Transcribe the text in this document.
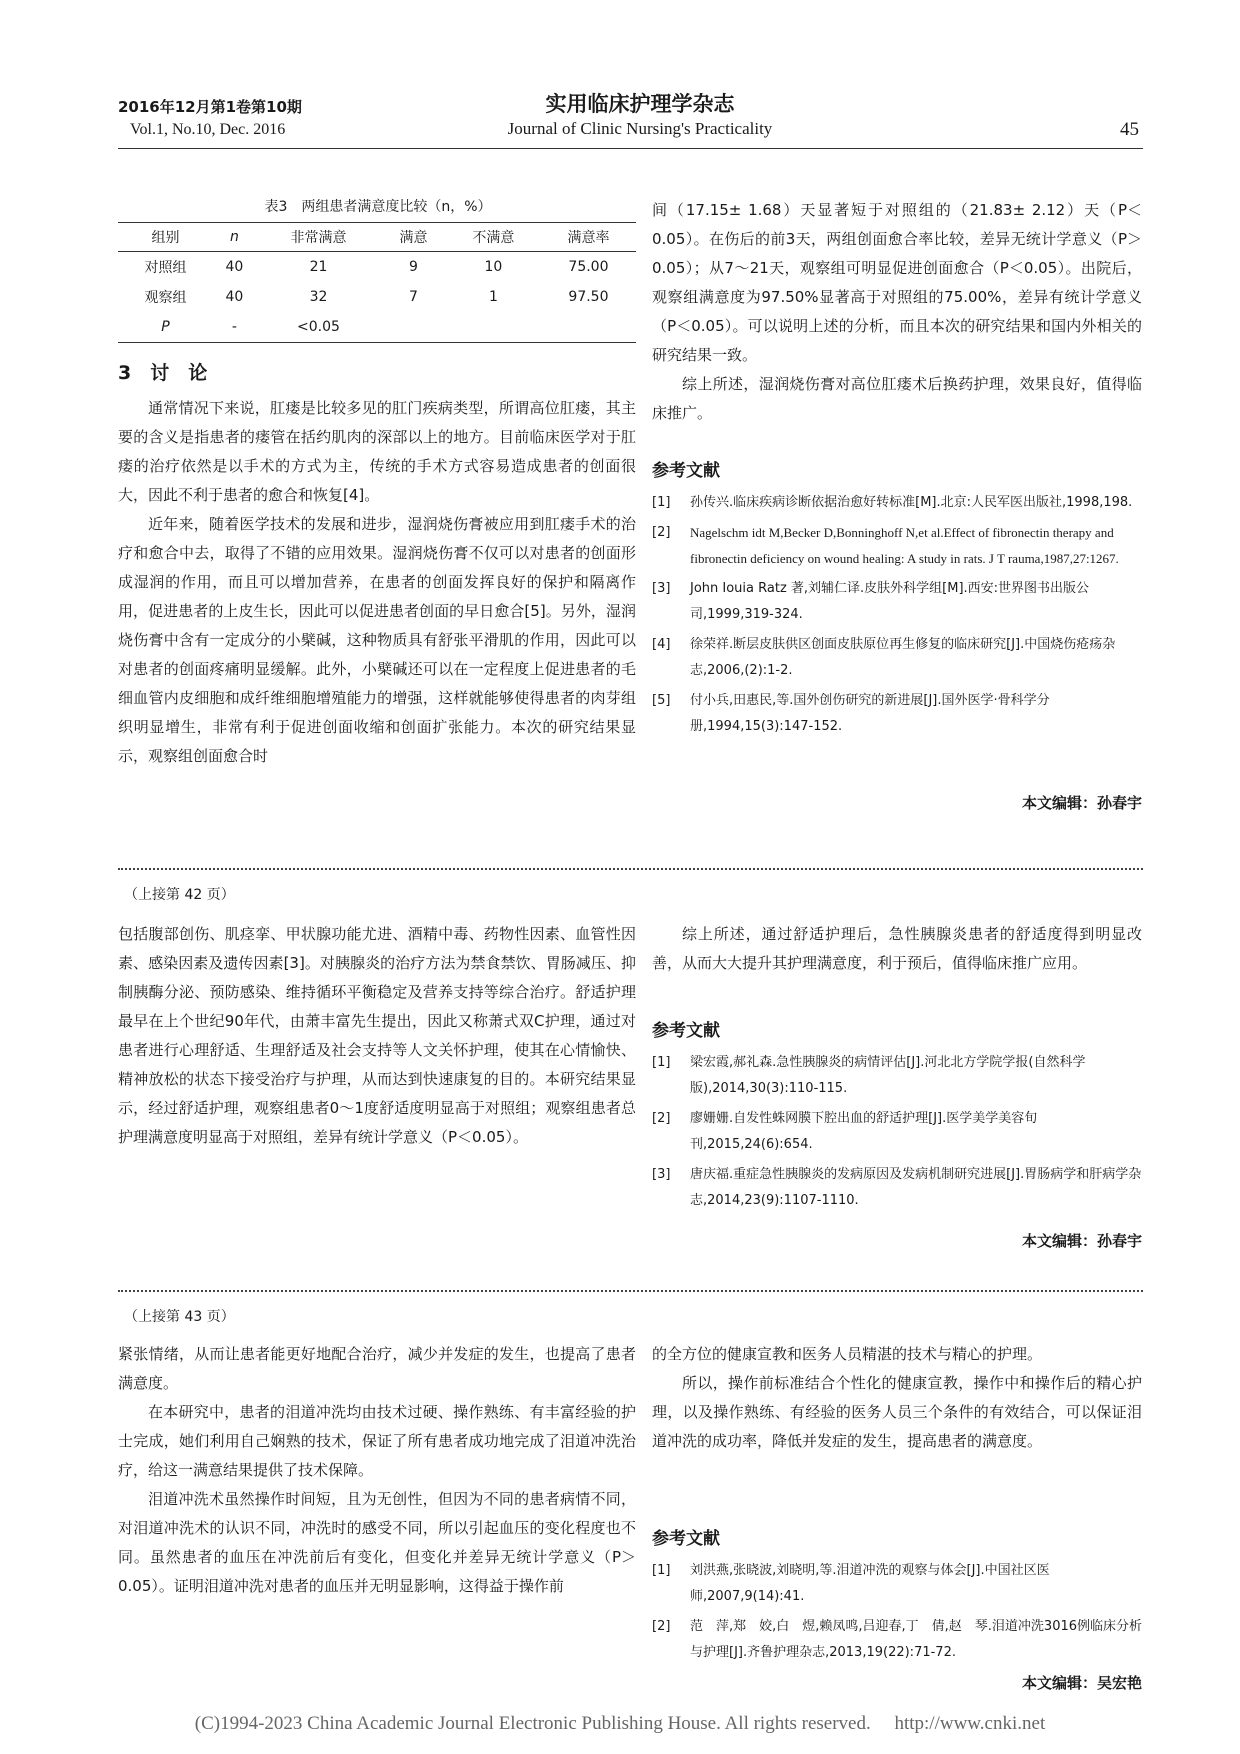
2016年12月第1卷第10期
Vol.1, No.10, Dec. 2016
实用临床护理学杂志
Journal of Clinic Nursing's Practicality	45
表3　两组患者满意度比较（n，%）
组别	n	非常满意	满意	不满意	满意率
对照组	40	21	9	10	75.00
观察组	40	32	7	1	97.50
P	-	<0.05			
3　讨　论

通常情况下来说，肛瘘是比较多见的肛门疾病类型，所谓高位肛瘘，其主要的含义是指患者的瘘管在括约肌肉的深部以上的地方。目前临床医学对于肛瘘的治疗依然是以手术的方式为主，传统的手术方式容易造成患者的创面很大，因此不利于患者的愈合和恢复[4]。

近年来，随着医学技术的发展和进步，湿润烧伤膏被应用到肛瘘手术的治疗和愈合中去，取得了不错的应用效果。湿润烧伤膏不仅可以对患者的创面形成湿润的作用，而且可以增加营养，在患者的创面发挥良好的保护和隔离作用，促进患者的上皮生长，因此可以促进患者创面的早日愈合[5]。另外，湿润烧伤膏中含有一定成分的小檗碱，这种物质具有舒张平滑肌的作用，因此可以对患者的创面疼痛明显缓解。此外，小檗碱还可以在一定程度上促进患者的毛细血管内皮细胞和成纤维细胞增殖能力的增强，这样就能够使得患者的肉芽组织明显增生，非常有利于促进创面收缩和创面扩张能力。本次的研究结果显示，观察组创面愈合时

间（17.15± 1.68）天显著短于对照组的（21.83± 2.12）天（P＜0.05）。在伤后的前3天，两组创面愈合率比较，差异无统计学意义（P＞0.05）；从7～21天，观察组可明显促进创面愈合（P＜0.05）。出院后，观察组满意度为97.50%显著高于对照组的75.00%，差异有统计学意义（P＜0.05）。可以说明上述的分析，而且本次的研究结果和国内外相关的研究结果一致。

综上所述，湿润烧伤膏对高位肛瘘术后换药护理，效果良好，值得临床推广。

参考文献
[1]	孙传兴.临床疾病诊断依据治愈好转标准[M].北京:人民军医出版社,1998,198.
[2]	Nagelschm idt M,Becker D,Bonninghoff N,et al.Effect of fibronectin therapy and fibronectin deficiency on wound healing: A study in rats. J T rauma,1987,27:1267.
[3]	John Iouia Ratz 著,刘辅仁译.皮肤外科学组[M].西安:世界图书出版公司,1999,319-324.
[4]	徐荣祥.断层皮肤供区创面皮肤原位再生修复的临床研究[J].中国烧伤疮疡杂志,2006,(2):1-2.
[5]	付小兵,田惠民,等.国外创伤研究的新进展[J].国外医学·骨科学分册,1994,15(3):147-152.
本文编辑：孙春宇
（上接第 42 页）

包括腹部创伤、肌痉挛、甲状腺功能尤进、酒精中毒、药物性因素、血管性因素、感染因素及遗传因素[3]。对胰腺炎的治疗方法为禁食禁饮、胃肠减压、抑制胰酶分泌、预防感染、维持循环平衡稳定及营养支持等综合治疗。舒适护理最早在上个世纪90年代，由萧丰富先生提出，因此又称萧式双C护理，通过对患者进行心理舒适、生理舒适及社会支持等人文关怀护理，使其在心情愉快、精神放松的状态下接受治疗与护理，从而达到快速康复的目的。本研究结果显示，经过舒适护理，观察组患者0～1度舒适度明显高于对照组；观察组患者总护理满意度明显高于对照组，差异有统计学意义（P＜0.05）。

综上所述，通过舒适护理后，急性胰腺炎患者的舒适度得到明显改善，从而大大提升其护理满意度，利于预后，值得临床推广应用。

参考文献
[1]	梁宏霞,郝礼森.急性胰腺炎的病情评估[J].河北北方学院学报(自然科学版),2014,30(3):110-115.
[2]	廖姗姗.自发性蛛网膜下腔出血的舒适护理[J].医学美学美容旬刊,2015,24(6):654.
[3]	唐庆福.重症急性胰腺炎的发病原因及发病机制研究进展[J].胃肠病学和肝病学杂志,2014,23(9):1107-1110.
本文编辑：孙春宇
（上接第 43 页）

紧张情绪，从而让患者能更好地配合治疗，减少并发症的发生，也提高了患者满意度。

在本研究中，患者的泪道冲洗均由技术过硬、操作熟练、有丰富经验的护士完成，她们利用自己娴熟的技术，保证了所有患者成功地完成了泪道冲洗治疗，给这一满意结果提供了技术保障。

泪道冲洗术虽然操作时间短，且为无创性，但因为不同的患者病情不同，对泪道冲洗术的认识不同，冲洗时的感受不同，所以引起血压的变化程度也不同。虽然患者的血压在冲洗前后有变化，但变化并差异无统计学意义（P＞0.05）。证明泪道冲洗对患者的血压并无明显影响，这得益于操作前

的全方位的健康宣教和医务人员精湛的技术与精心的护理。

所以，操作前标准结合个性化的健康宣教，操作中和操作后的精心护理，以及操作熟练、有经验的医务人员三个条件的有效结合，可以保证泪道冲洗的成功率，降低并发症的发生，提高患者的满意度。

参考文献
[1]	刘洪燕,张晓波,刘晓明,等.泪道冲洗的观察与体会[J].中国社区医师,2007,9(14):41.
[2]	范　萍,郑　姣,白　煜,赖凤鸣,吕迎春,丁　倩,赵　琴.泪道冲洗3016例临床分析与护理[J].齐鲁护理杂志,2013,19(22):71-72.
本文编辑：吴宏艳
(C)1994-2023 China Academic Journal Electronic Publishing House. All rights reserved.　 http://www.cnki.net
